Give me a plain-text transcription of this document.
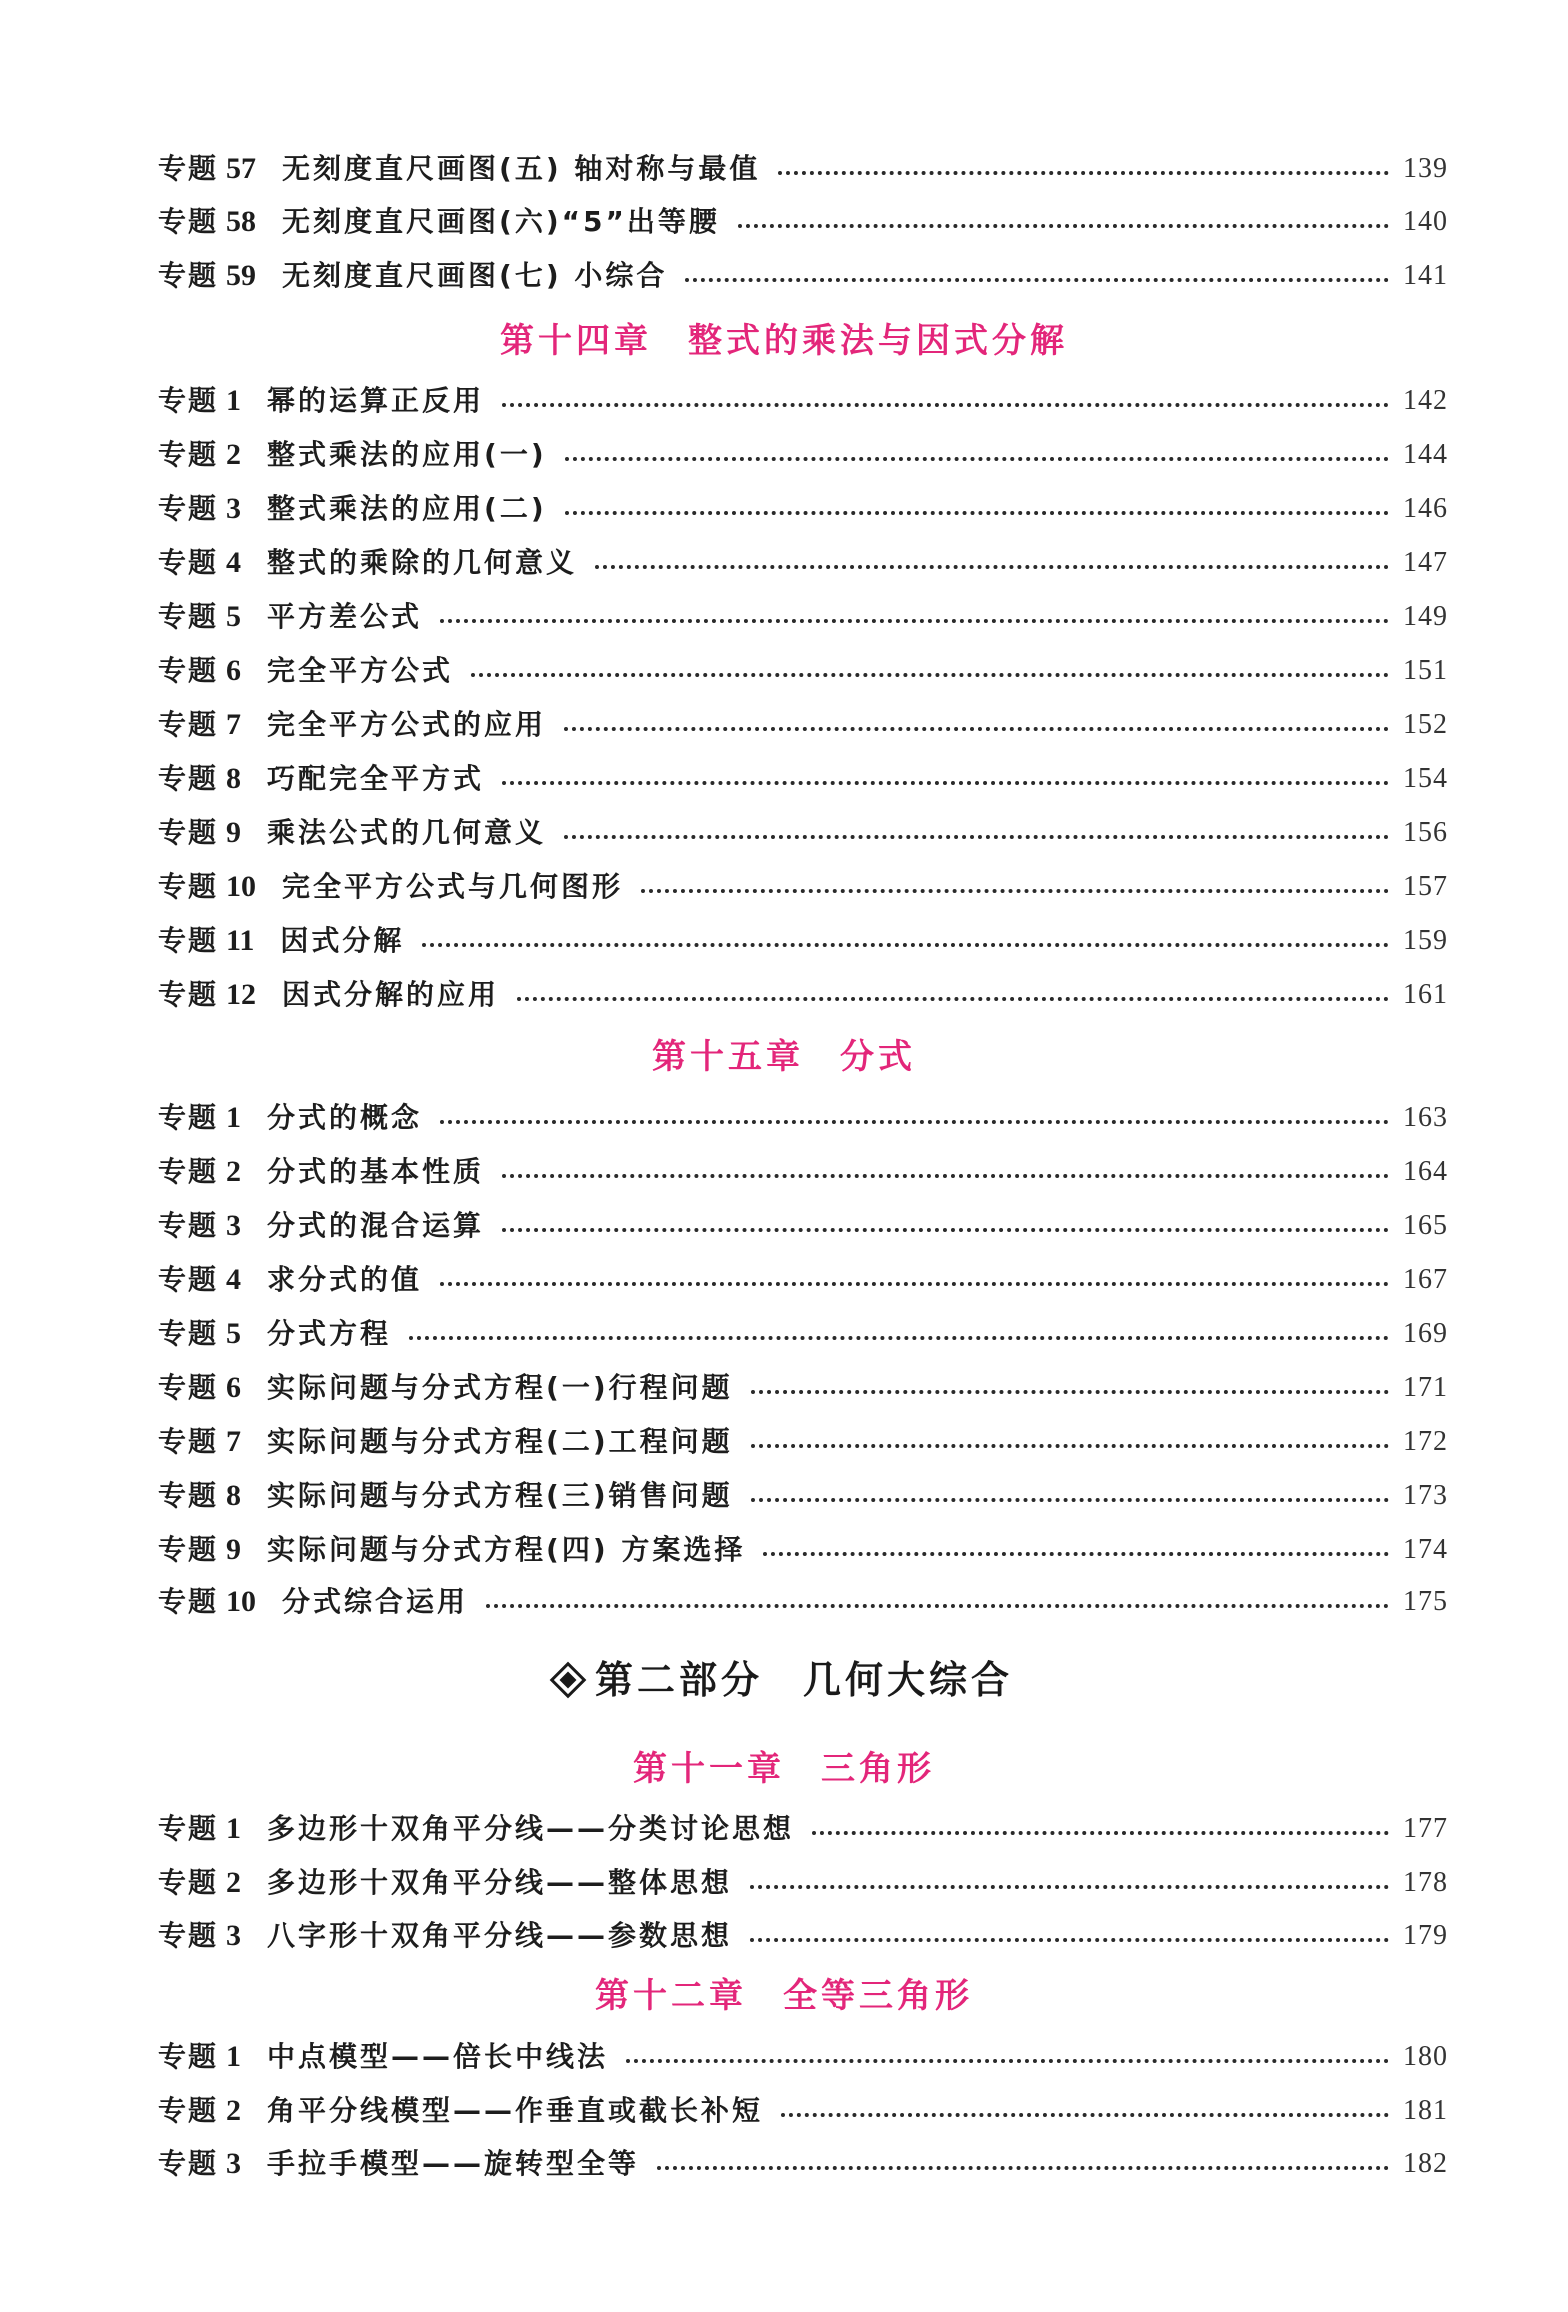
专题 57 无刻度直尺画图(五) 轴对称与最值	139
专题 58 无刻度直尺画图(六)“5”出等腰	140
专题 59 无刻度直尺画图(七) 小综合	141
第十四章 整式的乘法与因式分解
专题 1 幂的运算正反用	142
专题 2 整式乘法的应用(一)	144
专题 3 整式乘法的应用(二)	146
专题 4 整式的乘除的几何意义	147
专题 5 平方差公式	149
专题 6 完全平方公式	151
专题 7 完全平方公式的应用	152
专题 8 巧配完全平方式	154
专题 9 乘法公式的几何意义	156
专题 10 完全平方公式与几何图形	157
专题 11 因式分解	159
专题 12 因式分解的应用	161
第十五章 分式
专题 1 分式的概念	163
专题 2 分式的基本性质	164
专题 3 分式的混合运算	165
专题 4 求分式的值	167
专题 5 分式方程	169
专题 6 实际问题与分式方程(一)行程问题	171
专题 7 实际问题与分式方程(二)工程问题	172
专题 8 实际问题与分式方程(三)销售问题	173
专题 9 实际问题与分式方程(四) 方案选择	174
专题 10 分式综合运用	175
第二部分 几何大综合
第十一章 三角形
专题 1 多边形十双角平分线——分类讨论思想	177
专题 2 多边形十双角平分线——整体思想	178
专题 3 八字形十双角平分线——参数思想	179
第十二章 全等三角形
专题 1 中点模型——倍长中线法	180
专题 2 角平分线模型——作垂直或截长补短	181
专题 3 手拉手模型——旋转型全等	182
